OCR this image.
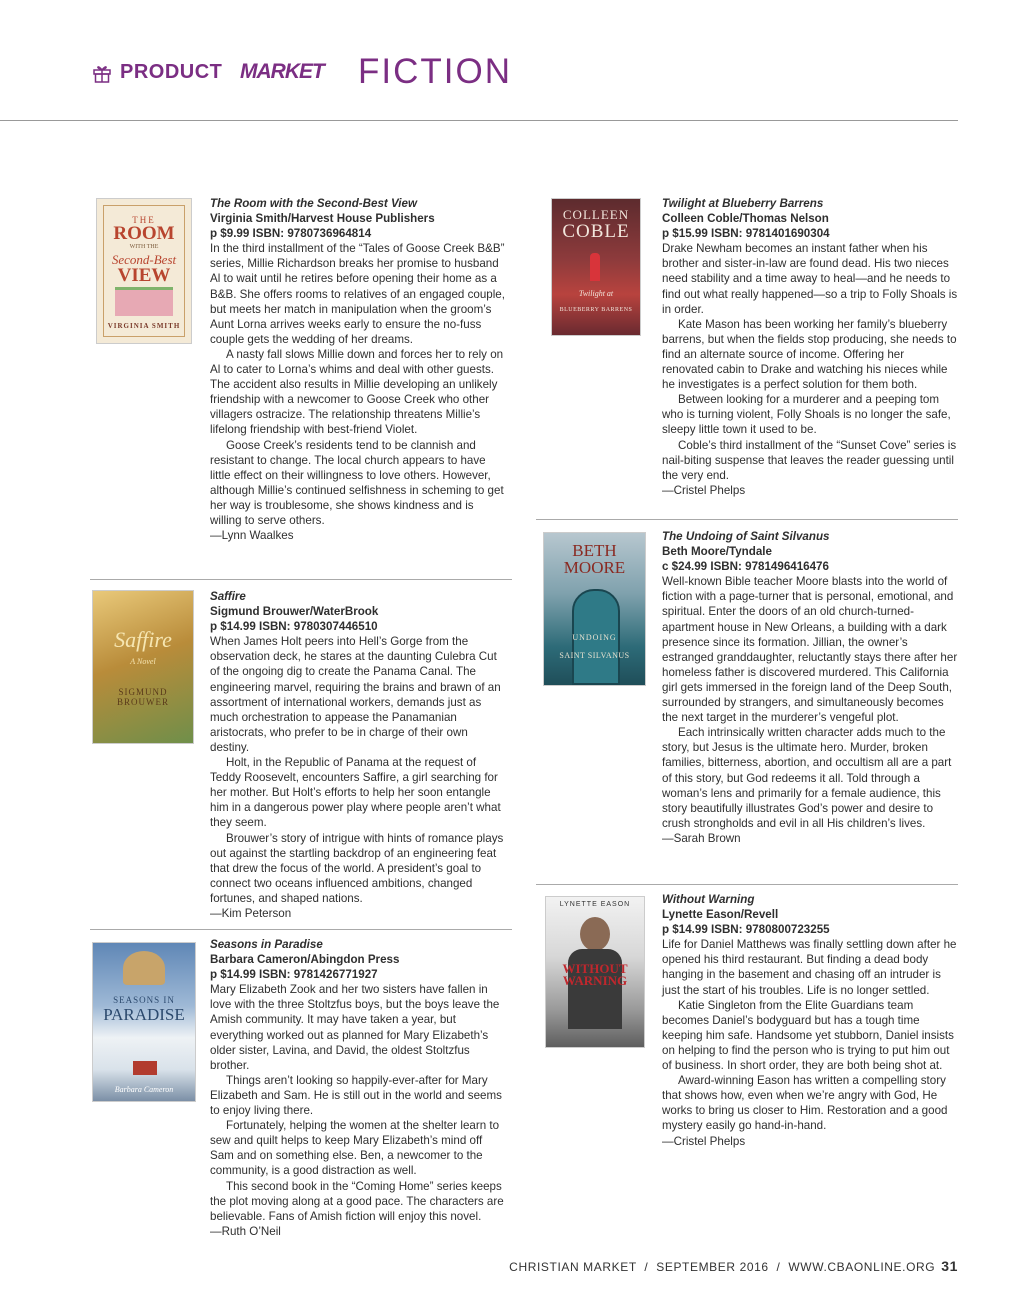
PRODUCT MARKET FICTION
THE
ROOM
WITH THE
Second-Best
VIEW
VIRGINIA SMITH

The Room with the Second-Best View

Virginia Smith/Harvest House Publishers

p $9.99 ISBN: 9780736964814

In the third installment of the “Tales of Goose Creek B&B” series, Millie Richardson breaks her promise to husband Al to wait until he retires before opening their home as a B&B. She offers rooms to relatives of an engaged couple, but meets her match in manipulation when the groom’s Aunt Lorna arrives weeks early to ensure the no-fuss couple gets the wedding of her dreams.

A nasty fall slows Millie down and forces her to rely on Al to cater to Lorna’s whims and deal with other guests. The accident also results in Millie developing an unlikely friendship with a newcomer to Goose Creek who other villagers ostracize. The relationship threatens Millie’s lifelong friendship with best-friend Violet.

Goose Creek’s residents tend to be clannish and resistant to change. The local church appears to have little effect on their willingness to love others. However, although Millie’s continued selfishness in scheming to get her way is troublesome, she shows kindness and is willing to serve others.

—Lynn Waalkes

Saffire
A Novel
SIGMUND
BROUWER

Saffire

Sigmund Brouwer/WaterBrook

p $14.99 ISBN: 9780307446510

When James Holt peers into Hell’s Gorge from the observation deck, he stares at the daunting Culebra Cut of the ongoing dig to create the Panama Canal. The engineering marvel, requiring the brains and brawn of an assortment of international workers, demands just as much orchestration to appease the Panamanian aristocrats, who prefer to be in charge of their own destiny.

Holt, in the Republic of Panama at the request of Teddy Roosevelt, encounters Saffire, a girl searching for her mother. But Holt’s efforts to help her soon entangle him in a dangerous power play where people aren’t what they seem.

Brouwer’s story of intrigue with hints of romance plays out against the startling backdrop of an engineering feat that drew the focus of the world. A president’s goal to connect two oceans influenced ambitions, changed fortunes, and shaped nations.

—Kim Peterson

SEASONS IN
PARADISE
Barbara Cameron

Seasons in Paradise

Barbara Cameron/Abingdon Press

p $14.99 ISBN: 9781426771927

Mary Elizabeth Zook and her two sisters have fallen in love with the three Stoltzfus boys, but the boys leave the Amish community. It may have taken a year, but everything worked out as planned for Mary Elizabeth’s older sister, Lavina, and David, the oldest Stoltzfus brother.

Things aren’t looking so happily-ever-after for Mary Elizabeth and Sam. He is still out in the world and seems to enjoy living there.

Fortunately, helping the women at the shelter learn to sew and quilt helps to keep Mary Elizabeth’s mind off Sam and on something else. Ben, a newcomer to the community, is a good distraction as well.

This second book in the “Coming Home” series keeps the plot moving along at a good pace. The characters are believable. Fans of Amish fiction will enjoy this novel.

—Ruth O’Neil

COLLEEN
COBLE
Twilight at
BLUEBERRY BARRENS

Twilight at Blueberry Barrens

Colleen Coble/Thomas Nelson

p $15.99 ISBN: 9781401690304

Drake Newham becomes an instant father when his brother and sister-in-law are found dead. His two nieces need stability and a time away to heal—and he needs to find out what really happened—so a trip to Folly Shoals is in order.

Kate Mason has been working her family’s blueberry barrens, but when the fields stop producing, she needs to find an alternate source of income. Offering her renovated cabin to Drake and watching his nieces while he investigates is a perfect solution for them both.

Between looking for a murderer and a peeping tom who is turning violent, Folly Shoals is no longer the safe, sleepy little town it used to be.

Coble’s third installment of the “Sunset Cove” series is nail-biting suspense that leaves the reader guessing until the very end.

—Cristel Phelps

BETH
MOORE
UNDOING
SAINT SILVANUS

The Undoing of Saint Silvanus

Beth Moore/Tyndale

c $24.99 ISBN: 9781496416476

Well-known Bible teacher Moore blasts into the world of fiction with a page-turner that is personal, emotional, and spiritual. Enter the doors of an old church-turned-apartment house in New Orleans, a building with a dark presence since its formation. Jillian, the owner’s estranged granddaughter, reluctantly stays there after her homeless father is discovered murdered. This California girl gets immersed in the foreign land of the Deep South, surrounded by strangers, and simultaneously becomes the next target in the murderer’s vengeful plot.

Each intrinsically written character adds much to the story, but Jesus is the ultimate hero. Murder, broken families, bitterness, abortion, and occultism all are a part of this story, but God redeems it all. Told through a woman’s lens and primarily for a female audience, this story beautifully illustrates God’s power and desire to crush strongholds and evil in all His children’s lives.

—Sarah Brown

LYNETTE EASON
WITHOUT
WARNING

Without Warning

Lynette Eason/Revell

p $14.99 ISBN: 9780800723255

Life for Daniel Matthews was finally settling down after he opened his third restaurant. But finding a dead body hanging in the basement and chasing off an intruder is just the start of his troubles. Life is no longer settled.

Katie Singleton from the Elite Guardians team becomes Daniel’s bodyguard but has a tough time keeping him safe. Handsome yet stubborn, Daniel insists on helping to find the person who is trying to put him out of business. In short order, they are both being shot at.

Award-winning Eason has written a compelling story that shows how, even when we’re angry with God, He works to bring us closer to Him. Restoration and a good mystery easily go hand-in-hand.

—Cristel Phelps

CHRISTIAN MARKET  /  SEPTEMBER 2016  /  WWW.CBAONLINE.ORG 31
